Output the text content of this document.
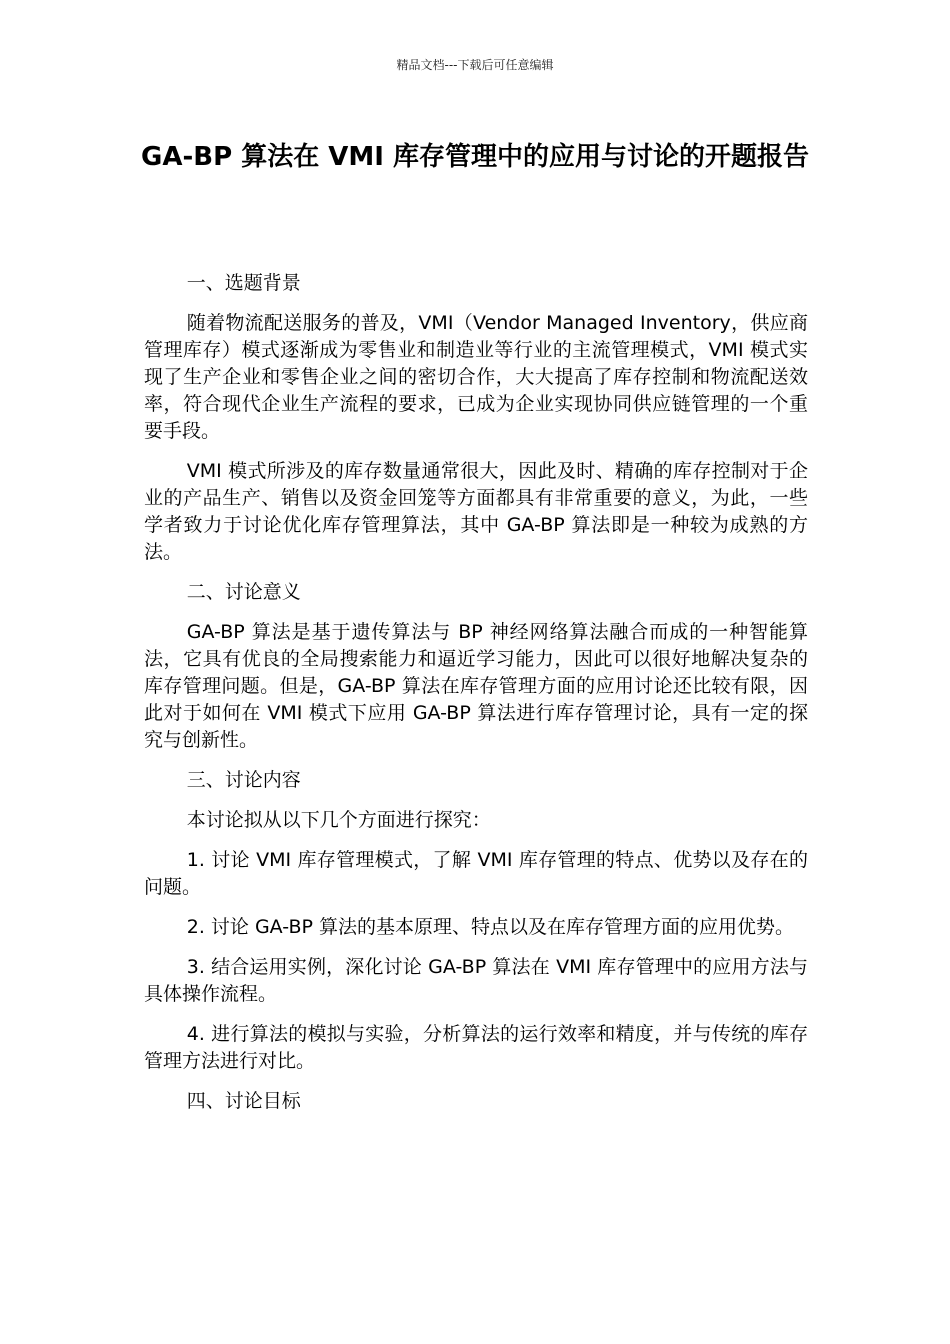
精品文档---下载后可任意编辑
GA-BP 算法在 VMI 库存管理中的应用与讨论的开题报告

一、选题背景

随着物流配送服务的普及，VMI（Vendor Managed Inventory，供应商管理库存）模式逐渐成为零售业和制造业等行业的主流管理模式，VMI 模式实现了生产企业和零售企业之间的密切合作，大大提高了库存控制和物流配送效率，符合现代企业生产流程的要求，已成为企业实现协同供应链管理的一个重要手段。

VMI 模式所涉及的库存数量通常很大，因此及时、精确的库存控制对于企业的产品生产、销售以及资金回笼等方面都具有非常重要的意义，为此，一些学者致力于讨论优化库存管理算法，其中 GA-BP 算法即是一种较为成熟的方法。

二、讨论意义

GA-BP 算法是基于遗传算法与 BP 神经网络算法融合而成的一种智能算法，它具有优良的全局搜索能力和逼近学习能力，因此可以很好地解决复杂的库存管理问题。但是，GA-BP 算法在库存管理方面的应用讨论还比较有限，因此对于如何在 VMI 模式下应用 GA-BP 算法进行库存管理讨论，具有一定的探究与创新性。

三、讨论内容

本讨论拟从以下几个方面进行探究：

1. 讨论 VMI 库存管理模式，了解 VMI 库存管理的特点、优势以及存在的问题。

2. 讨论 GA-BP 算法的基本原理、特点以及在库存管理方面的应用优势。

3. 结合运用实例，深化讨论 GA-BP 算法在 VMI 库存管理中的应用方法与具体操作流程。

4. 进行算法的模拟与实验，分析算法的运行效率和精度，并与传统的库存管理方法进行对比。

四、讨论目标
